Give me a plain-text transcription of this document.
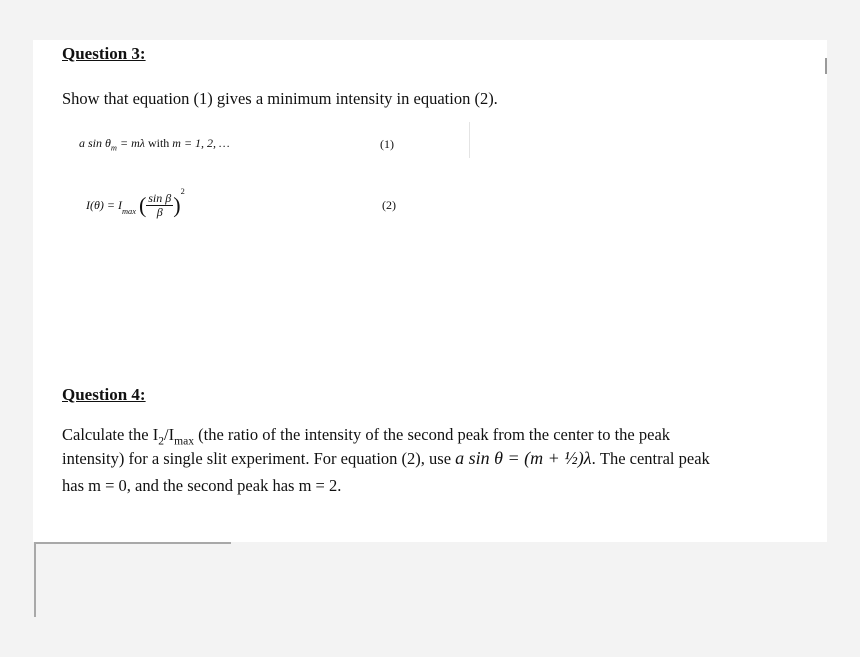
Question 3:
Show that equation (1) gives a minimum intensity in equation (2).
a $\sin \theta_m = m\lambda$ with m = 1, 2, …	(1)
$I(\theta) = I_{max}$ ( $\frac{\text{sin β}}{\beta} )^2$
(2)
Question 4:
Calculate the $I_2/I_{max}$ (the ratio of the intensity of the second peak from the center to the peak
intensity) for a single slit experiment. For equation (2), use a sin θ = (m + ½)λ. The central peak
has m = 0, and the second peak has m = 2.
